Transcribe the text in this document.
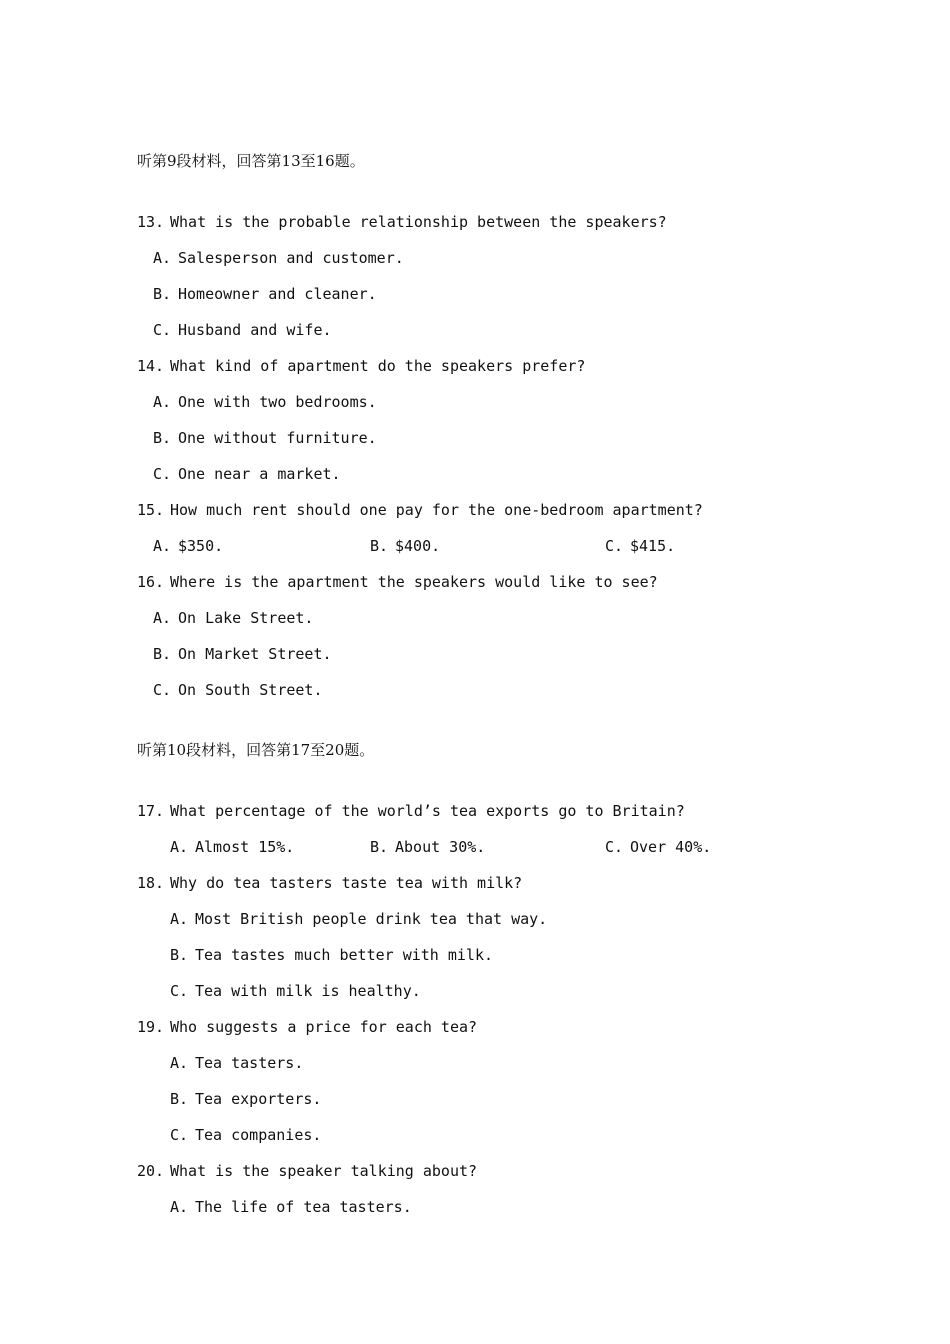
听第9段材料，回答第13至16题。
13. What is the probable relationship between the speakers?
A. Salesperson and customer.
B. Homeowner and cleaner.
C. Husband and wife.
14. What kind of apartment do the speakers prefer?
A. One with two bedrooms.
B. One without furniture.
C. One near a market.
15. How much rent should one pay for the one-bedroom apartment?
A. $350.	B. $400.	C. $415.
16. Where is the apartment the speakers would like to see?
A. On Lake Street.
B. On Market Street.
C. On South Street.
听第10段材料，回答第17至20题。
17. What percentage of the world’s tea exports go to Britain?
A. Almost 15%.	B. About 30%.	C. Over 40%.
18. Why do tea tasters taste tea with milk?
A. Most British people drink tea that way.
B. Tea tastes much better with milk.
C. Tea with milk is healthy.
19. Who suggests a price for each tea?
A. Tea tasters.
B. Tea exporters.
C. Tea companies.
20. What is the speaker talking about?
A. The life of tea tasters.
